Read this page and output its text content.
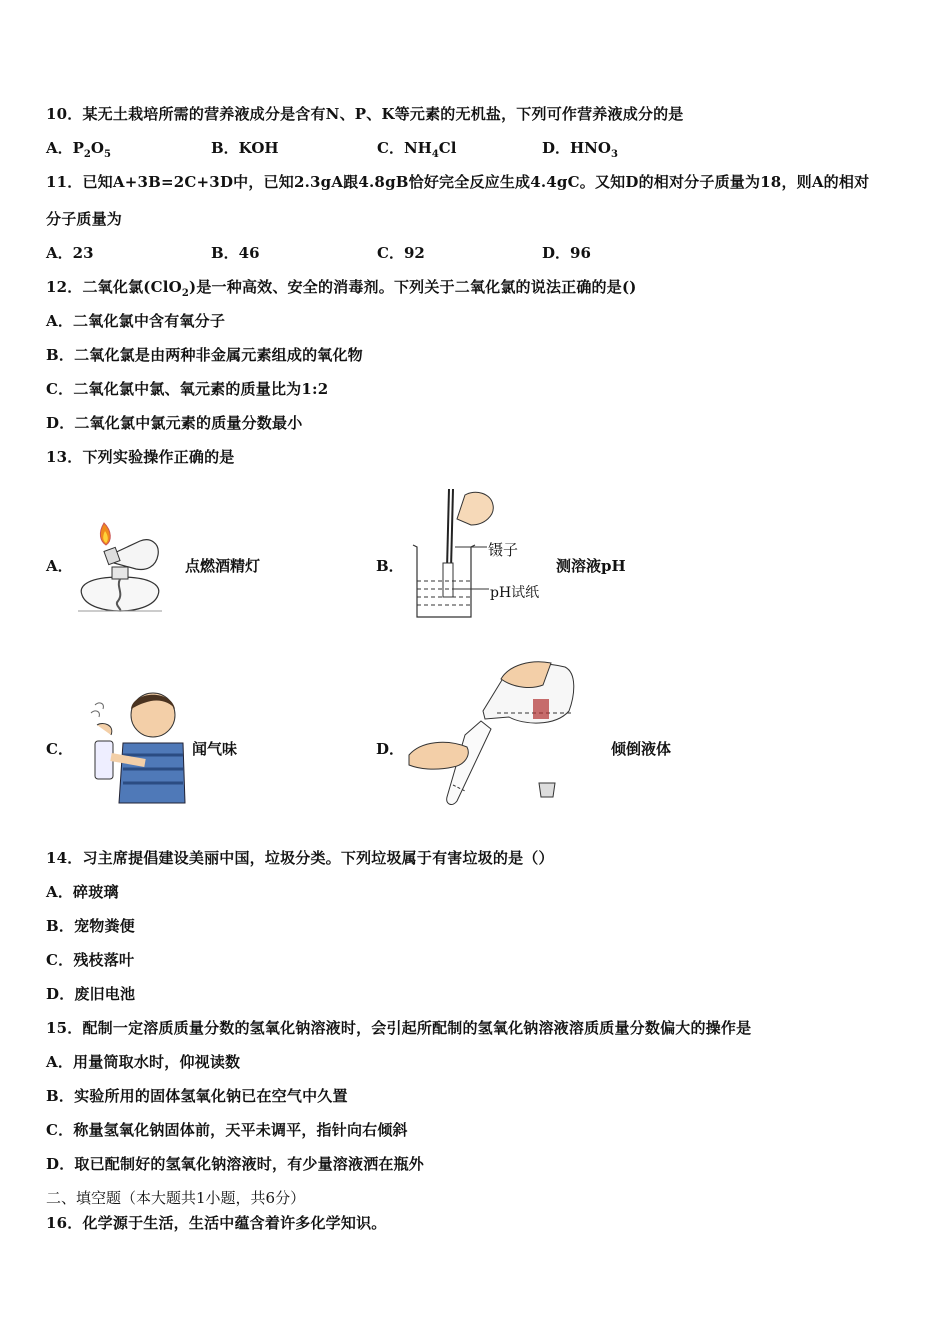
10．某无土栽培所需的营养液成分是含有N、P、K等元素的无机盐，下列可作营养液成分的是
A．$P_2O_5$	B．KOH	C．$NH_4Cl$	D．$HNO_3$
11．已知A+3B=2C+3D中，已知2.3gA跟4.8gB恰好完全反应生成4.4gC。又知D的相对分子质量为18，则A的相对
分子质量为
A．23	B．46	C．92	D．96
12．二氧化氯(ClO$_2$)是一种高效、安全的消毒剂。下列关于二氧化氯的说法正确的是()
A．二氧化氯中含有氧分子
B．二氧化氯是由两种非金属元素组成的氧化物
C．二氧化氯中氯、氧元素的质量比为1:2
D．二氧化氯中氯元素的质量分数最小
13．下列实验操作正确的是
A．	点燃酒精灯	B．
镊子
pH试纸
测溶液pH
C．	闻气味	D．	倾倒液体
14．习主席提倡建设美丽中国，垃圾分类。下列垃圾属于有害垃圾的是（）
A．碎玻璃
B．宠物粪便
C．残枝落叶
D．废旧电池
15．配制一定溶质质量分数的氢氧化钠溶液时，会引起所配制的氢氧化钠溶液溶质质量分数偏大的操作是
A．用量筒取水时，仰视读数
B．实验所用的固体氢氧化钠已在空气中久置
C．称量氢氧化钠固体前，天平未调平，指针向右倾斜
D．取已配制好的氢氧化钠溶液时，有少量溶液洒在瓶外
二、填空题（本大题共1小题，共6分）
16．化学源于生活，生活中蕴含着许多化学知识。
